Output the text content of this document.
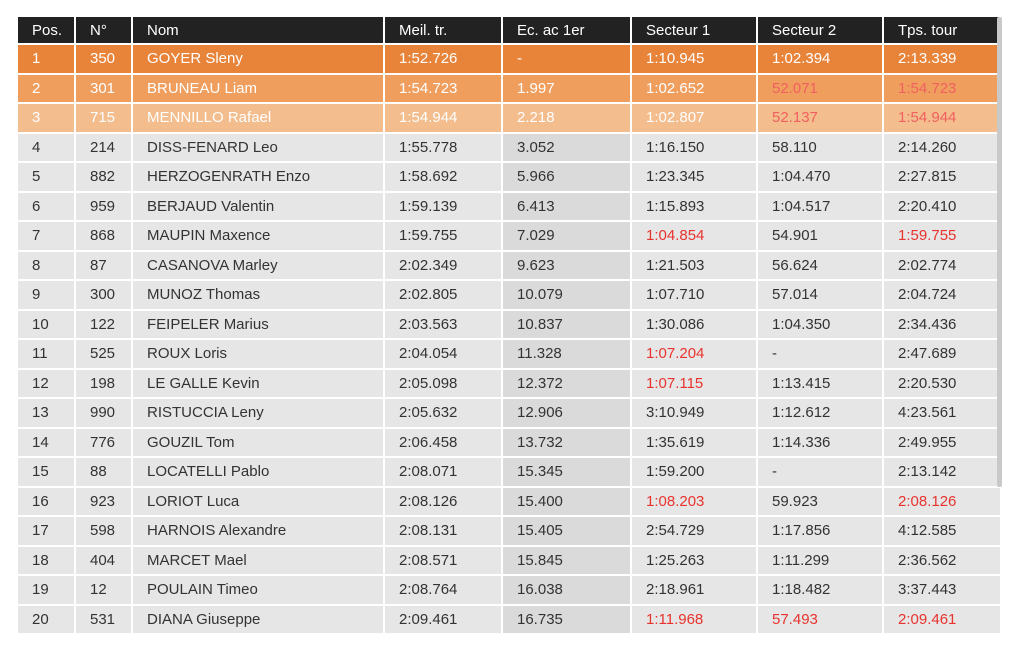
Pos.	N°	Nom	Meil. tr.	Ec. ac 1er	Secteur 1	Secteur 2	Tps. tour
1	350	GOYER Sleny	1:52.726	-	1:10.945	1:02.394	2:13.339
2	301	BRUNEAU Liam	1:54.723	1.997	1:02.652	52.071	1:54.723
3	715	MENNILLO Rafael	1:54.944	2.218	1:02.807	52.137	1:54.944
4	214	DISS-FENARD Leo	1:55.778	3.052	1:16.150	58.110	2:14.260
5	882	HERZOGENRATH Enzo	1:58.692	5.966	1:23.345	1:04.470	2:27.815
6	959	BERJAUD Valentin	1:59.139	6.413	1:15.893	1:04.517	2:20.410
7	868	MAUPIN Maxence	1:59.755	7.029	1:04.854	54.901	1:59.755
8	87	CASANOVA Marley	2:02.349	9.623	1:21.503	56.624	2:02.774
9	300	MUNOZ Thomas	2:02.805	10.079	1:07.710	57.014	2:04.724
10	122	FEIPELER Marius	2:03.563	10.837	1:30.086	1:04.350	2:34.436
11	525	ROUX Loris	2:04.054	11.328	1:07.204	-	2:47.689
12	198	LE GALLE Kevin	2:05.098	12.372	1:07.115	1:13.415	2:20.530
13	990	RISTUCCIA Leny	2:05.632	12.906	3:10.949	1:12.612	4:23.561
14	776	GOUZIL Tom	2:06.458	13.732	1:35.619	1:14.336	2:49.955
15	88	LOCATELLI Pablo	2:08.071	15.345	1:59.200	-	2:13.142
16	923	LORIOT Luca	2:08.126	15.400	1:08.203	59.923	2:08.126
17	598	HARNOIS Alexandre	2:08.131	15.405	2:54.729	1:17.856	4:12.585
18	404	MARCET Mael	2:08.571	15.845	1:25.263	1:11.299	2:36.562
19	12	POULAIN Timeo	2:08.764	16.038	2:18.961	1:18.482	3:37.443
20	531	DIANA Giuseppe	2:09.461	16.735	1:11.968	57.493	2:09.461
